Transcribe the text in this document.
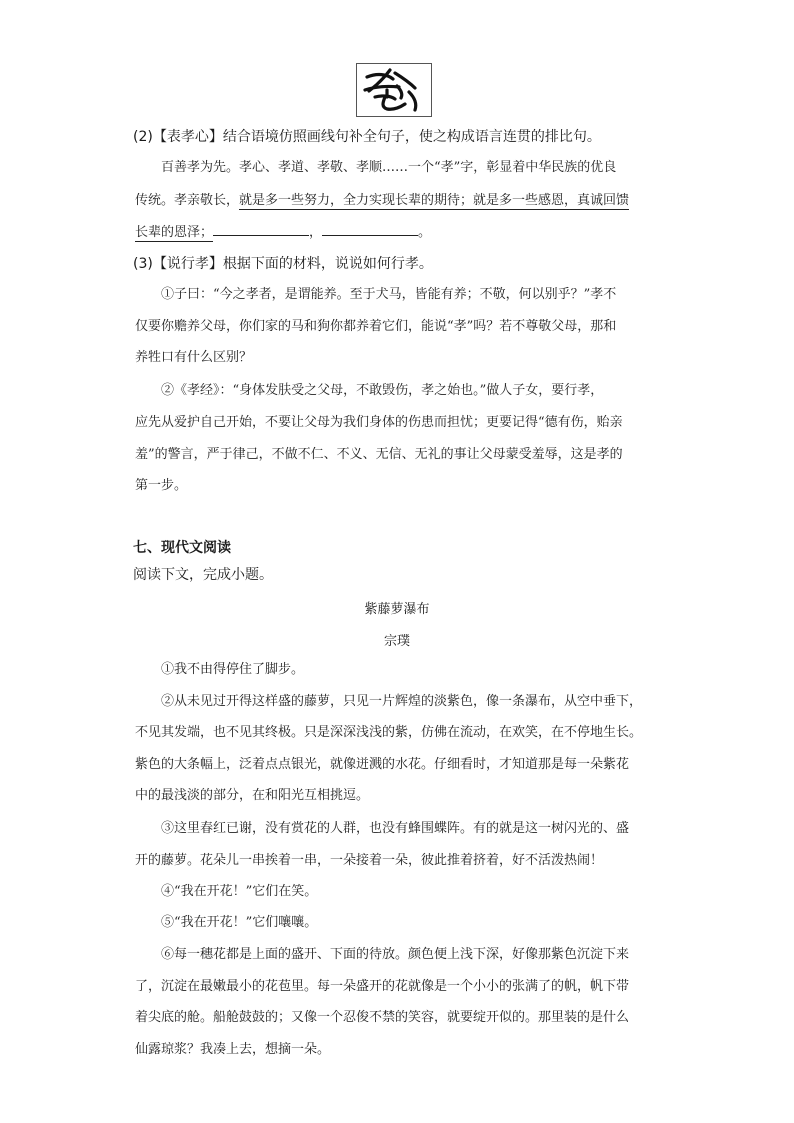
(2)【表孝心】结合语境仿照画线句补全句子，使之构成语言连贯的排比句。
百善孝为先。孝心、孝道、孝敬、孝顺……一个“孝”字，彰显着中华民族的优良
传统。孝亲敬长，就是多一些努力，全力实现长辈的期待；就是多一些感恩，真诚回馈
长辈的恩泽；	，	。
(3)【说行孝】根据下面的材料，说说如何行孝。
①子曰：“今之孝者，是谓能养。至于犬马，皆能有养；不敬，何以别乎？”孝不
仅要你赡养父母，你们家的马和狗你都养着它们，能说“孝”吗？若不尊敬父母，那和
养牲口有什么区别？
②《孝经》：“身体发肤受之父母，不敢毁伤，孝之始也。”做人子女，要行孝，
应先从爱护自己开始，不要让父母为我们身体的伤患而担忧；更要记得“德有伤，贻亲
羞”的警言，严于律己，不做不仁、不义、无信、无礼的事让父母蒙受羞辱，这是孝的
第一步。
七、现代文阅读
阅读下文，完成小题。
紫藤萝瀑布
宗璞
①我不由得停住了脚步。
②从未见过开得这样盛的藤萝，只见一片辉煌的淡紫色，像一条瀑布，从空中垂下，
不见其发端，也不见其终极。只是深深浅浅的紫，仿佛在流动，在欢笑，在不停地生长。
紫色的大条幅上，泛着点点银光，就像迸溅的水花。仔细看时，才知道那是每一朵紫花
中的最浅淡的部分，在和阳光互相挑逗。
③这里春红已谢，没有赏花的人群，也没有蜂围蝶阵。有的就是这一树闪光的、盛
开的藤萝。花朵儿一串挨着一串，一朵接着一朵，彼此推着挤着，好不活泼热闹！
④“我在开花！”它们在笑。
⑤“我在开花！”它们嚷嚷。
⑥每一穗花都是上面的盛开、下面的待放。颜色便上浅下深，好像那紫色沉淀下来
了，沉淀在最嫩最小的花苞里。每一朵盛开的花就像是一个小小的张满了的帆，帆下带
着尖底的舱。船舱鼓鼓的；又像一个忍俊不禁的笑容，就要绽开似的。那里装的是什么
仙露琼浆？我凑上去，想摘一朵。
